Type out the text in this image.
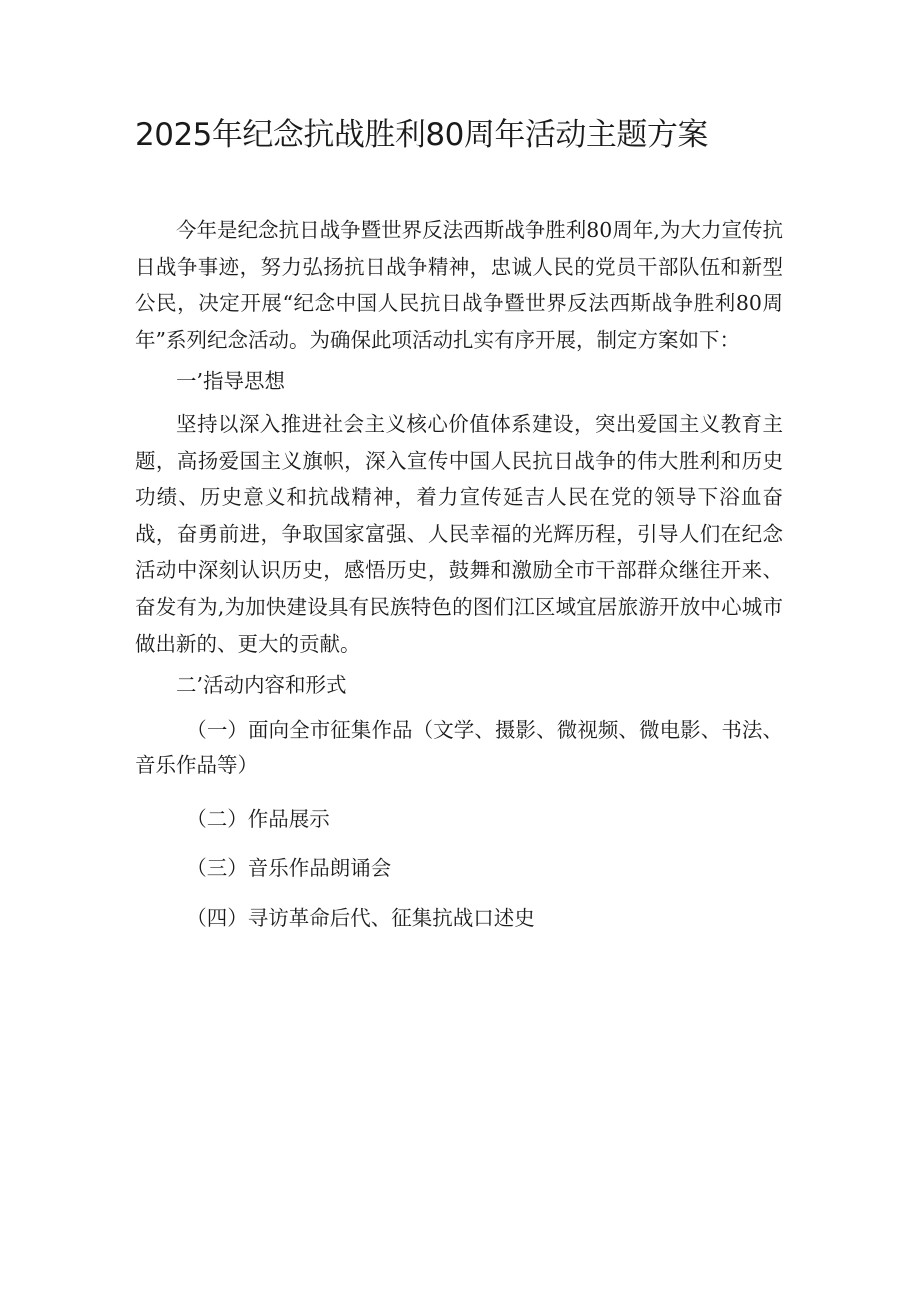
2025年纪念抗战胜利80周年活动主题方案

今年是纪念抗日战争暨世界反法西斯战争胜利80周年,为大力宣传抗日战争事迹，努力弘扬抗日战争精神，忠诚人民的党员干部队伍和新型公民，决定开展“纪念中国人民抗日战争暨世界反法西斯战争胜利80周年”系列纪念活动。为确保此项活动扎实有序开展，制定方案如下：

一’指导思想

坚持以深入推进社会主义核心价值体系建设，突出爱国主义教育主题，高扬爱国主义旗帜，深入宣传中国人民抗日战争的伟大胜利和历史功绩、历史意义和抗战精神，着力宣传延吉人民在党的领导下浴血奋战，奋勇前进，争取国家富强、人民幸福的光辉历程，引导人们在纪念活动中深刻认识历史，感悟历史，鼓舞和激励全市干部群众继往开来、奋发有为,为加快建设具有民族特色的图们江区域宜居旅游开放中心城市做出新的、更大的贡献。

二’活动内容和形式

（一）面向全市征集作品（文学、摄影、微视频、微电影、书法、音乐作品等）

（二）作品展示

（三）音乐作品朗诵会

（四）寻访革命后代、征集抗战口述史
